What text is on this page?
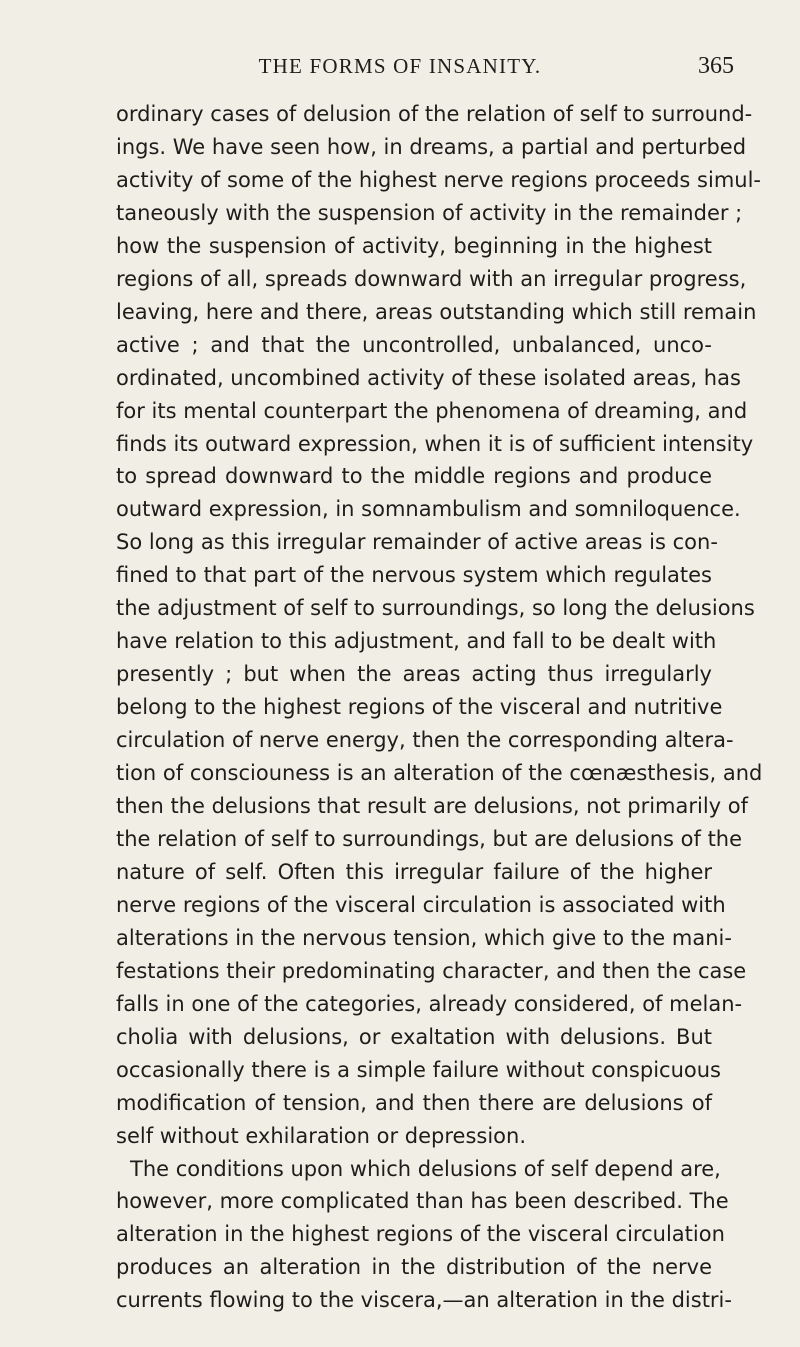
THE FORMS OF INSANITY.	365
ordinary cases of delusion of the relation of self to surround-
ings. We have seen how, in dreams, a partial and perturbed
activity of some of the highest nerve regions proceeds simul-
taneously with the suspension of activity in the remainder ;
how the suspension of activity, beginning in the highest
regions of all, spreads downward with an irregular progress,
leaving, here and there, areas outstanding which still remain
active ; and that the uncontrolled, unbalanced, unco-
ordinated, uncombined activity of these isolated areas, has
for its mental counterpart the phenomena of dreaming, and
finds its outward expression, when it is of sufficient intensity
to spread downward to the middle regions and produce
outward expression, in somnambulism and somniloquence.
So long as this irregular remainder of active areas is con-
fined to that part of the nervous system which regulates
the adjustment of self to surroundings, so long the delusions
have relation to this adjustment, and fall to be dealt with
presently ; but when the areas acting thus irregularly
belong to the highest regions of the visceral and nutritive
circulation of nerve energy, then the corresponding altera-
tion of consciouness is an alteration of the cœnæsthesis, and
then the delusions that result are delusions, not primarily of
the relation of self to surroundings, but are delusions of the
nature of self. Often this irregular failure of the higher
nerve regions of the visceral circulation is associated with
alterations in the nervous tension, which give to the mani-
festations their predominating character, and then the case
falls in one of the categories, already considered, of melan-
cholia with delusions, or exaltation with delusions. But
occasionally there is a simple failure without conspicuous
modification of tension, and then there are delusions of
self without exhilaration or depression.
The conditions upon which delusions of self depend are,
however, more complicated than has been described. The
alteration in the highest regions of the visceral circulation
produces an alteration in the distribution of the nerve
currents flowing to the viscera,—an alteration in the distri-
